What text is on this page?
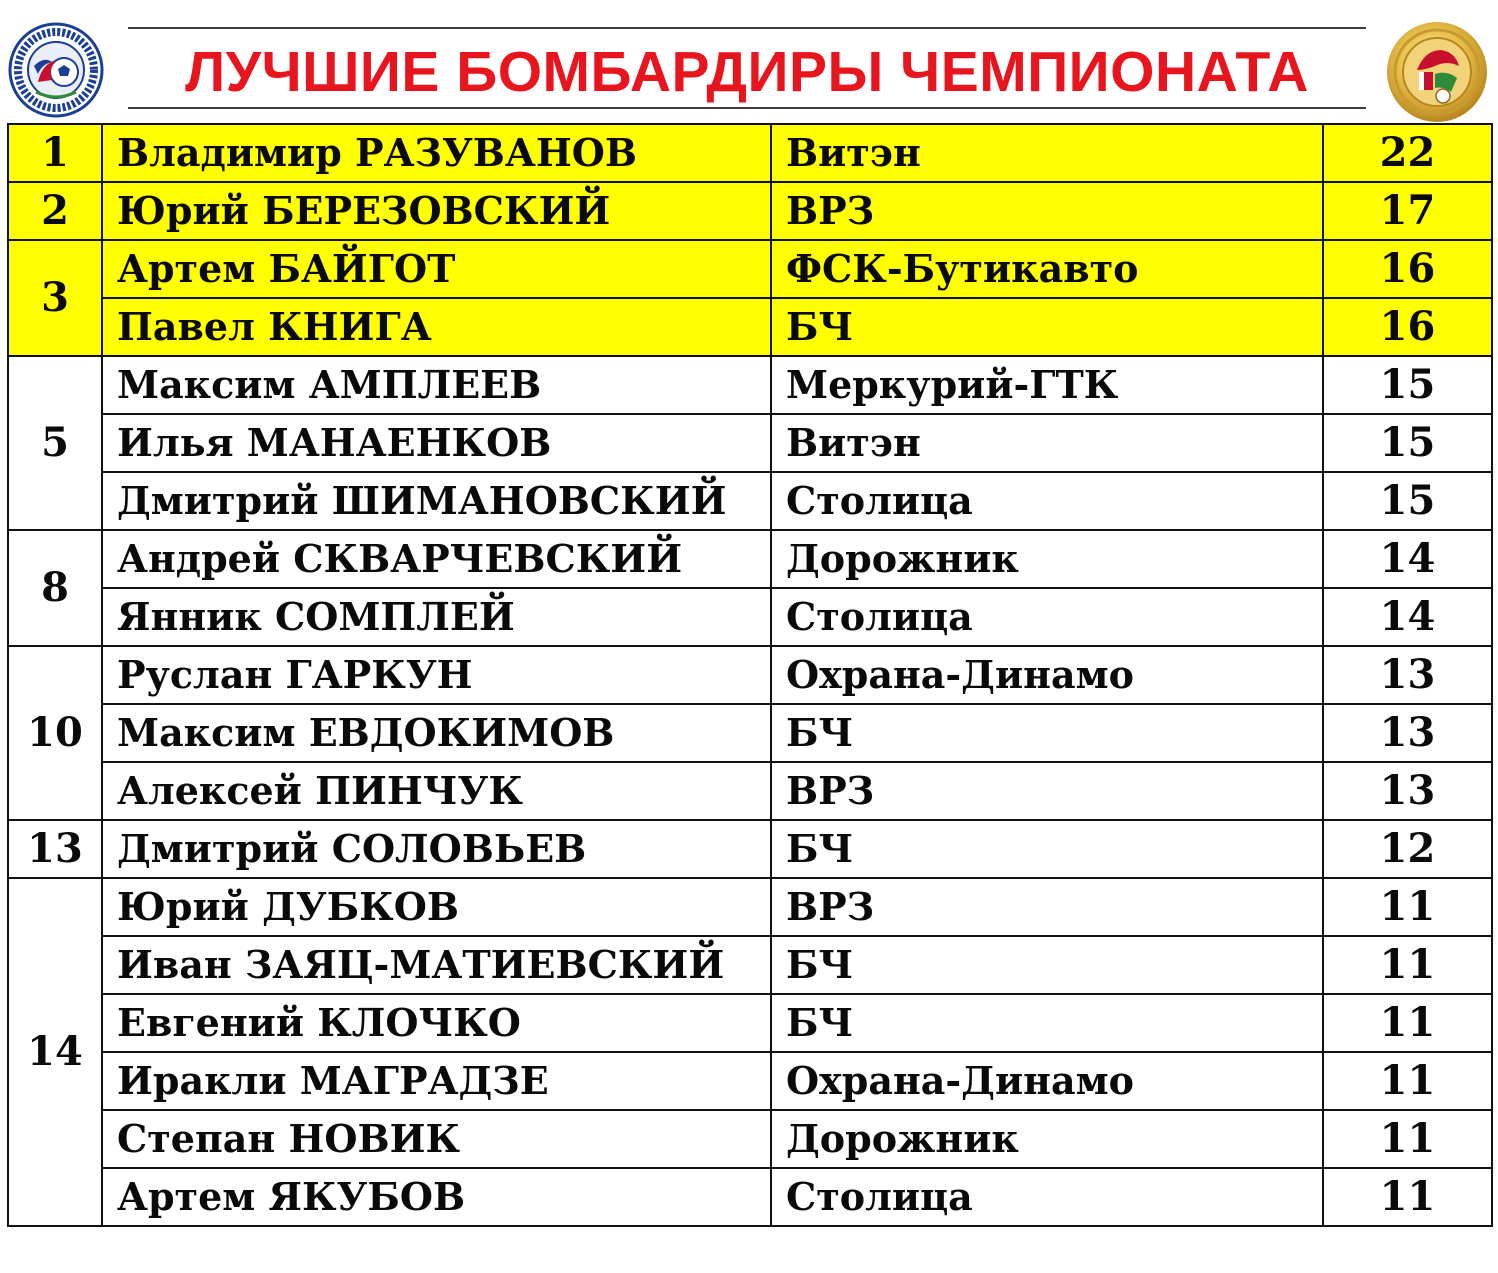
ЛУЧШИЕ БОМБАРДИРЫ ЧЕМПИОНАТА
1	Владимир РАЗУВАНОВ	Витэн	22
2	Юрий БЕРЕЗОВСКИЙ	ВРЗ	17
3	Артем БАЙГОТ	ФСК-Бутикавто	16
	Павел КНИГА	БЧ	16
5	Максим АМПЛЕЕВ	Меркурий-ГТК	15
	Илья МАНАЕНКОВ	Витэн	15
	Дмитрий ШИМАНОВСКИЙ	Столица	15
8	Андрей СКВАРЧЕВСКИЙ	Дорожник	14
	Янник СОМПЛЕЙ	Столица	14
10	Руслан ГАРКУН	Охрана-Динамо	13
	Максим ЕВДОКИМОВ	БЧ	13
	Алексей ПИНЧУК	ВРЗ	13
13	Дмитрий СОЛОВЬЕВ	БЧ	12
14	Юрий ДУБКОВ	ВРЗ	11
	Иван ЗАЯЦ-МАТИЕВСКИЙ	БЧ	11
	Евгений КЛОЧКО	БЧ	11
	Иракли МАГРАДЗЕ	Охрана-Динамо	11
	Степан НОВИК	Дорожник	11
	Артем ЯКУБОВ	Столица	11
